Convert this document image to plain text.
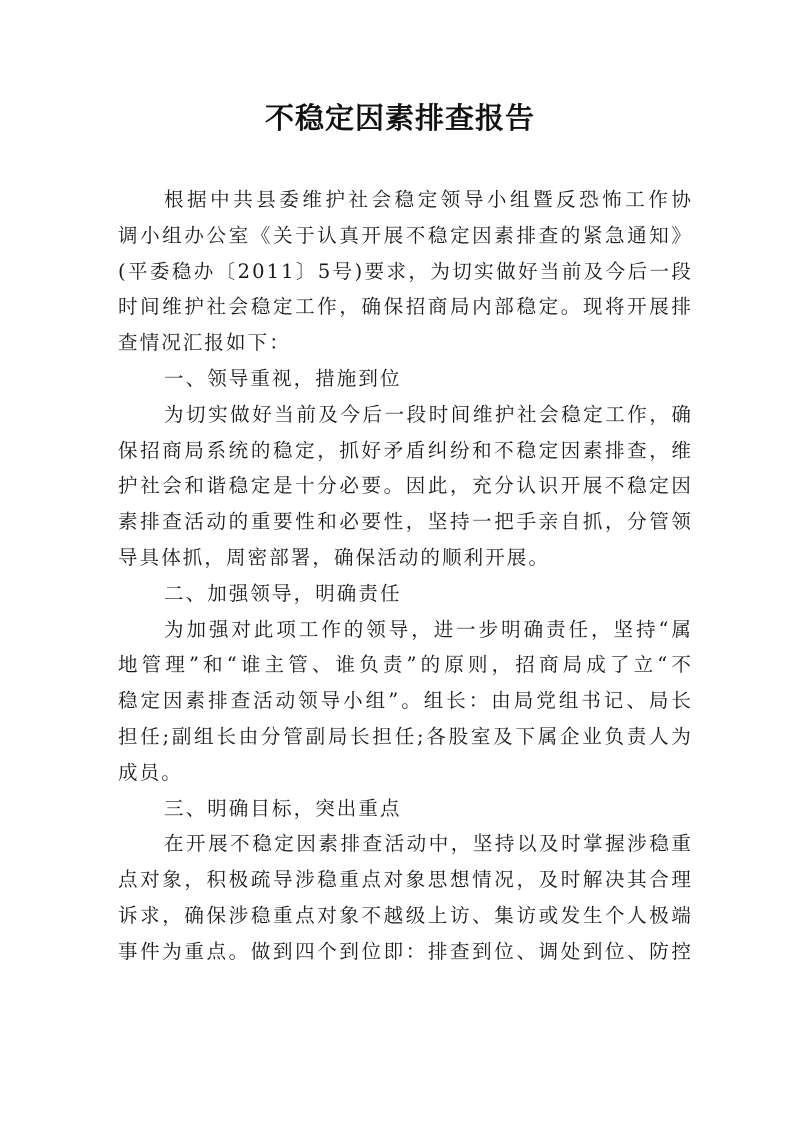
不稳定因素排查报告
根据中共县委维护社会稳定领导小组暨反恐怖工作协
调小组办公室《关于认真开展不稳定因素排查的紧急通知》
(平委稳办〔2011〕5号)要求，为切实做好当前及今后一段
时间维护社会稳定工作，确保招商局内部稳定。现将开展排
查情况汇报如下：
一、领导重视，措施到位
为切实做好当前及今后一段时间维护社会稳定工作，确
保招商局系统的稳定，抓好矛盾纠纷和不稳定因素排查，维
护社会和谐稳定是十分必要。因此，充分认识开展不稳定因
素排查活动的重要性和必要性，坚持一把手亲自抓，分管领
导具体抓，周密部署，确保活动的顺利开展。
二、加强领导，明确责任
为加强对此项工作的领导，进一步明确责任，坚持“属
地管理”和“谁主管、谁负责”的原则，招商局成了立“不
稳定因素排查活动领导小组”。组长：由局党组书记、局长
担任;副组长由分管副局长担任;各股室及下属企业负责人为
成员。
三、明确目标，突出重点
在开展不稳定因素排查活动中，坚持以及时掌握涉稳重
点对象，积极疏导涉稳重点对象思想情况，及时解决其合理
诉求，确保涉稳重点对象不越级上访、集访或发生个人极端
事件为重点。做到四个到位即：排查到位、调处到位、防控
